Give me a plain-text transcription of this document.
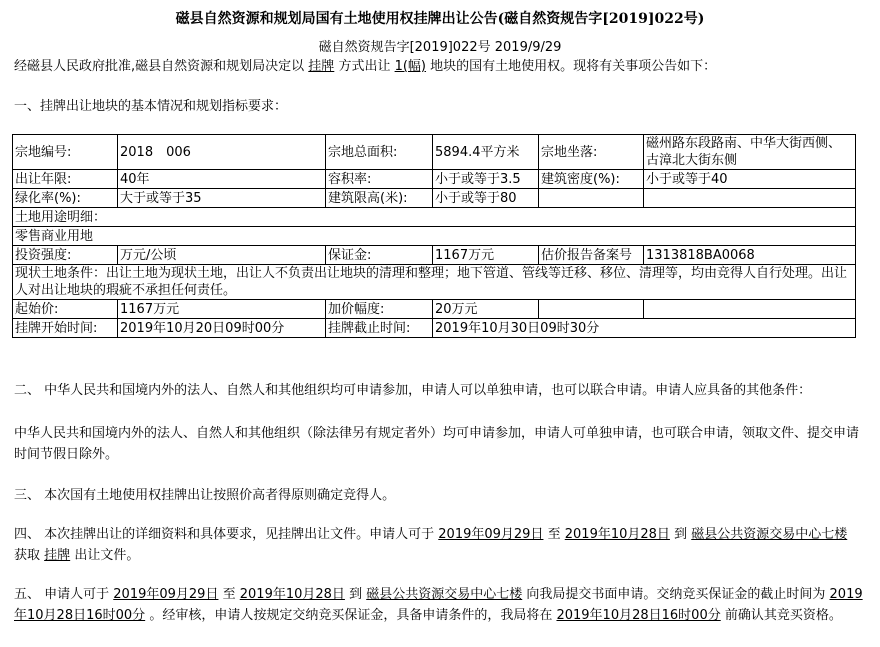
磁县自然资源和规划局国有土地使用权挂牌出让公告(磁自然资规告字[2019]022号)
磁自然资规告字[2019]022号 2019/9/29
经磁县人民政府批准,磁县自然资源和规划局决定以 挂牌 方式出让 1(幅) 地块的国有土地使用权。现将有关事项公告如下：
一、挂牌出让地块的基本情况和规划指标要求：
宗地编号:	2018　006	宗地总面积:	5894.4平方米	宗地坐落:	磁州路东段路南、中华大街西侧、古漳北大街东侧
出让年限:	40年	容积率:	小于或等于3.5	建筑密度(%):	小于或等于40
绿化率(%):	大于或等于35	建筑限高(米):	小于或等于80		
土地用途明细：					
零售商业用地					
投资强度:	万元/公顷	保证金:	1167万元	估价报告备案号	1313818BA0068
现状土地条件：出让土地为现状土地，出让人不负责出让地块的清理和整理；地下管道、管线等迁移、移位、清理等，均由竞得人自行处理。出让人对出让地块的瑕疵不承担任何责任。					
起始价:	1167万元	加价幅度:	20万元		
挂牌开始时间:	2019年10月20日09时00分	挂牌截止时间:	2019年10月30日09时30分		
二、 中华人民共和国境内外的法人、自然人和其他组织均可申请参加，申请人可以单独申请，也可以联合申请。申请人应具备的其他条件：
中华人民共和国境内外的法人、自然人和其他组织（除法律另有规定者外）均可申请参加，申请人可单独申请，也可联合申请，领取文件、提交申请时间节假日除外。
三、 本次国有土地使用权挂牌出让按照价高者得原则确定竞得人。
四、 本次挂牌出让的详细资料和具体要求，见挂牌出让文件。申请人可于 2019年09月29日 至 2019年10月28日 到 磁县公共资源交易中心七楼 获取 挂牌 出让文件。
五、 申请人可于 2019年09月29日 至 2019年10月28日 到 磁县公共资源交易中心七楼 向我局提交书面申请。交纳竞买保证金的截止时间为 2019年10月28日16时00分 。经审核，申请人按规定交纳竞买保证金，具备申请条件的，我局将在 2019年10月28日16时00分 前确认其竞买资格。
